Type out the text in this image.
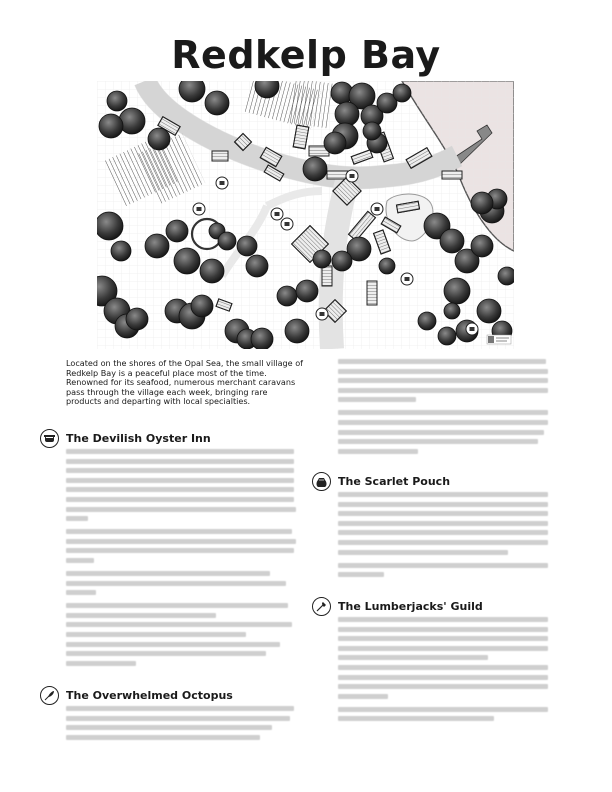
Redkelp Bay
Located on the shores of the Opal Sea, the small village of Redkelp Bay is a peaceful place most of the time. Renowned for its seafood, numerous merchant caravans pass through the village each week, bringing rare products and departing with local specialties.
The Devilish Oyster Inn
The Overwhelmed Octopus
The Scarlet Pouch
The Lumberjacks' Guild
